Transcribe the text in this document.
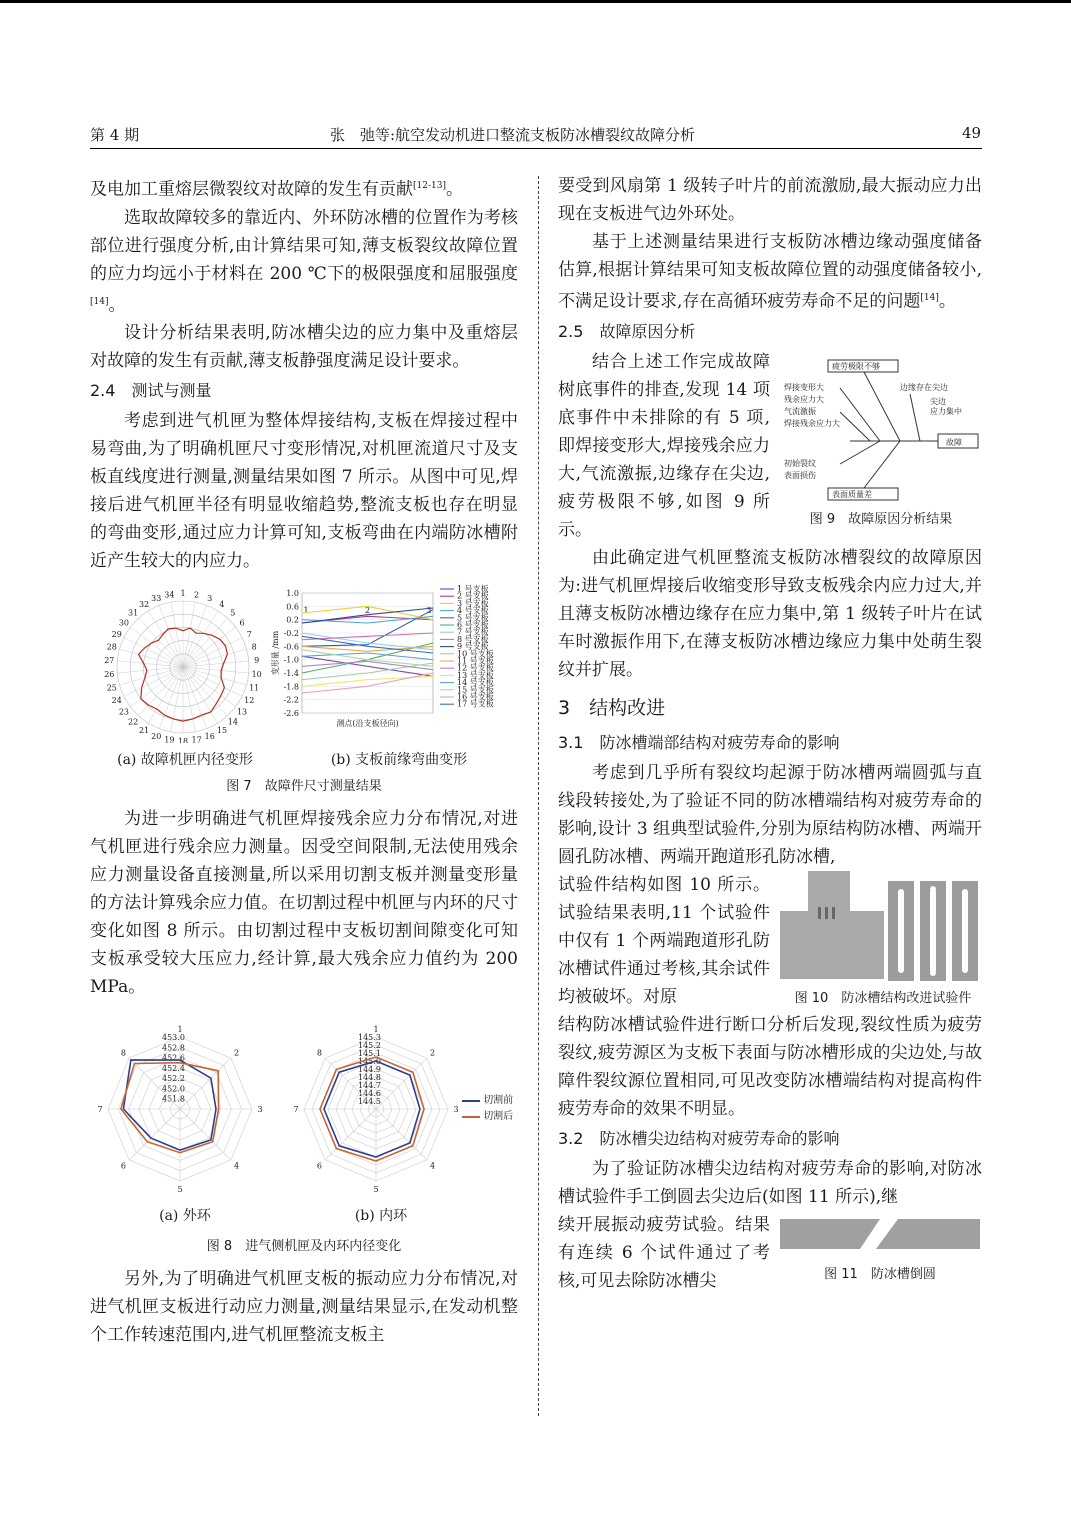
第 4 期	张　弛等:航空发动机进口整流支板防冰槽裂纹故障分析	49

及电加工重熔层微裂纹对故障的发生有贡献[12-13]。

选取故障较多的靠近内、外环防冰槽的位置作为考核部位进行强度分析,由计算结果可知,薄支板裂纹故障位置的应力均远小于材料在 200 ℃下的极限强度和屈服强度[14]。

设计分析结果表明,防冰槽尖边的应力集中及重熔层对故障的发生有贡献,薄支板静强度满足设计要求。

2.4　测试与测量

考虑到进气机匣为整体焊接结构,支板在焊接过程中易弯曲,为了明确机匣尺寸变形情况,对机匣流道尺寸及支板直线度进行测量,测量结果如图 7 所示。从图中可见,焊接后进气机匣半径有明显收缩趋势,整流支板也存在明显的弯曲变形,通过应力计算可知,支板弯曲在内端防冰槽附近产生较大的内应力。

1 2 3
4
5
6
7
8
9
10
11
12
13
14
15
16
17
18
19
20
21
22
23
24
25
26
27
28
29
30
31
32
33 34	1.0
0.6
0.2
-0.2
-0.6
-1.0
-1.4
-1.8
-2.2
-2.6
1	2	3
1 号支板
2 号支板
3 号支板
4 号支板
5 号支板
6 号支板
7 号支板
8 号支板
9 号支板
10 号支板
11 号支板
12 号支板
13 号支板
14 号支板
15 号支板
16 号支板
17 号支板
变形量 /mm
测点(沿支板径向)
(a) 故障机匣内径变形	(b) 支板前缘弯曲变形
图 7　故障件尺寸测量结果

为进一步明确进气机匣焊接残余应力分布情况,对进气机匣进行残余应力测量。因受空间限制,无法使用残余应力测量设备直接测量,所以采用切割支板并测量变形量的方法计算残余应力值。在切割过程中机匣与内环的尺寸变化如图 8 所示。由切割过程中支板切割间隙变化可知支板承受较大压应力,经计算,最大残余应力值约为 200 MPa。

453.0
452.8
452.6
452.4
452.2
452.0
451.8
1
2
3
4
5
6
7
8
145.3
145.2
145.1
145.0
144.9
144.8
144.7
144.6
144.5
1
2
3
4
5
6
7
8
切割前
切割后
(a) 外环	(b) 内环
图 8　进气侧机匣及内环内径变化

另外,为了明确进气机匣支板的振动应力分布情况,对进气机匣支板进行动应力测量,测量结果显示,在发动机整个工作转速范围内,进气机匣整流支板主

要受到风扇第 1 级转子叶片的前流激励,最大振动应力出现在支板进气边外环处。

基于上述测量结果进行支板防冰槽边缘动强度储备估算,根据计算结果可知支板故障位置的动强度储备较小,不满足设计要求,存在高循环疲劳寿命不足的问题[14]。

2.5　故障原因分析

结合上述工作完成故障树底事件的排查,发现 14 项底事件中未排除的有 5 项,即焊接变形大,焊接残余应力大,气流激振,边缘存在尖边,疲劳极限不够,如图 9 所示。

故障
疲劳极限不够
焊接变形大
残余应力大
气流激振
焊接残余应力大
边缘存在尖边
尖边
应力集中
初始裂纹
表面损伤
表面质量差
图 9　故障原因分析结果

由此确定进气机匣整流支板防冰槽裂纹的故障原因为:进气机匣焊接后收缩变形导致支板残余内应力过大,并且薄支板防冰槽边缘存在应力集中,第 1 级转子叶片在试车时激振作用下,在薄支板防冰槽边缘应力集中处萌生裂纹并扩展。

3　结构改进
3.1　防冰槽端部结构对疲劳寿命的影响

考虑到几乎所有裂纹均起源于防冰槽两端圆弧与直线段转接处,为了验证不同的防冰槽端结构对疲劳寿命的影响,设计 3 组典型试验件,分别为原结构防冰槽、两端开圆孔防冰槽、两端开跑道形孔防冰槽,

试验件结构如图 10 所示。试验结果表明,11 个试验件中仅有 1 个两端跑道形孔防冰槽试件通过考核,其余试件均被破坏。对原	图 10　防冰槽结构改进试验件

结构防冰槽试验件进行断口分析后发现,裂纹性质为疲劳裂纹,疲劳源区为支板下表面与防冰槽形成的尖边处,与故障件裂纹源位置相同,可见改变防冰槽端结构对提高构件疲劳寿命的效果不明显。

3.2　防冰槽尖边结构对疲劳寿命的影响

为了验证防冰槽尖边结构对疲劳寿命的影响,对防冰槽试验件手工倒圆去尖边后(如图 11 所示),继

续开展振动疲劳试验。结果有连续 6 个试件通过了考核,可见去除防冰槽尖	图 11　防冰槽倒圆
